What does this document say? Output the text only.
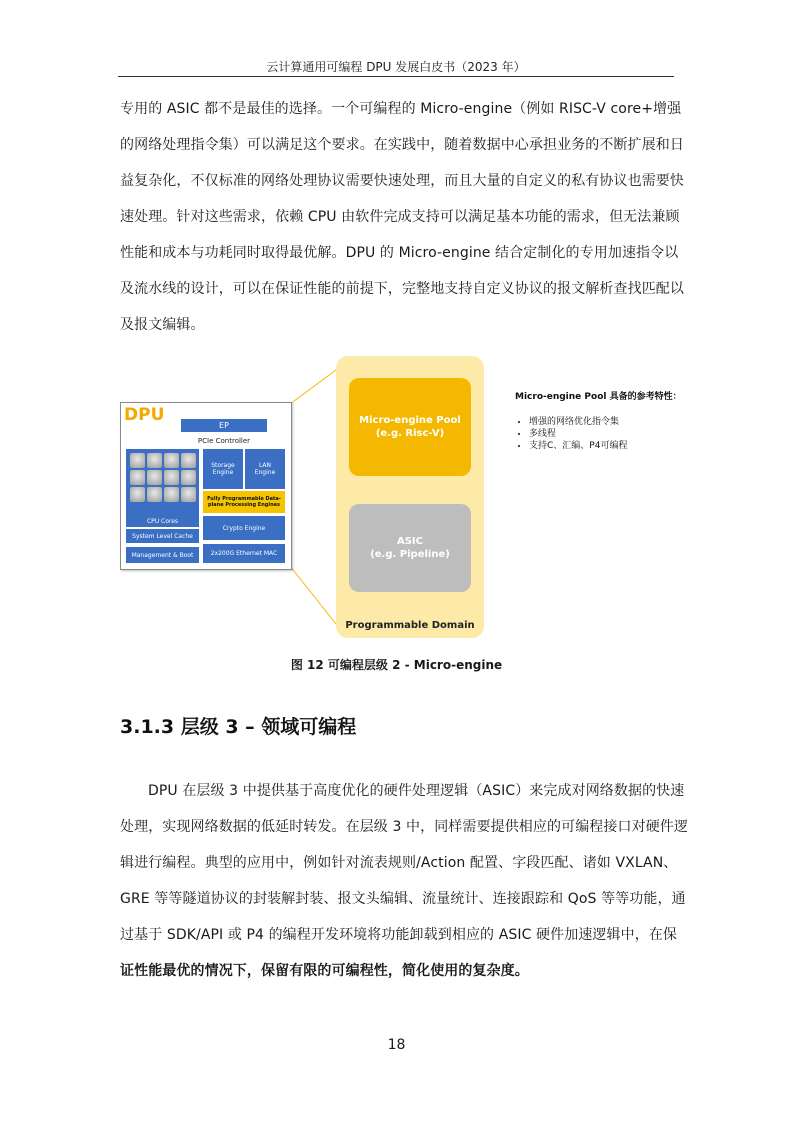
云计算通用可编程 DPU 发展白皮书（2023 年）
专用的 ASIC 都不是最佳的选择。一个可编程的 Micro-engine（例如 RISC-V core+增强
的网络处理指令集）可以满足这个要求。在实践中，随着数据中心承担业务的不断扩展和日
益复杂化，不仅标准的网络处理协议需要快速处理，而且大量的自定义的私有协议也需要快
速处理。针对这些需求，依赖 CPU 由软件完成支持可以满足基本功能的需求，但无法兼顾
性能和成本与功耗同时取得最优解。DPU 的 Micro-engine 结合定制化的专用加速指令以
及流水线的设计，可以在保证性能的前提下，完整地支持自定义协议的报文解析查找匹配以
及报文编辑。
DPU
EP
PCIe Controller
CPU Cores
System Level Cache
Management & Boot
Storage Engine
LAN Engine
Fully Programmable Data-plane Processing Engines
Crypto Engine
2x200G Ethernet MAC
Micro-engine Pool
(e.g. Risc-V)
ASIC
(e.g. Pipeline)
Programmable Domain
Micro-engine Pool 具备的参考特性：
• 增强的网络优化指令集
• 多线程
• 支持C、汇编、P4可编程
图 12 可编程层级 2 - Micro-engine
3.1.3 层级 3 – 领域可编程
DPU 在层级 3 中提供基于高度优化的硬件处理逻辑（ASIC）来完成对网络数据的快速
处理，实现网络数据的低延时转发。在层级 3 中，同样需要提供相应的可编程接口对硬件逻
辑进行编程。典型的应用中，例如针对流表规则/Action 配置、字段匹配、诸如 VXLAN、
GRE 等等隧道协议的封装解封装、报文头编辑、流量统计、连接跟踪和 QoS 等等功能，通
过基于 SDK/API 或 P4 的编程开发环境将功能卸载到相应的 ASIC 硬件加速逻辑中，在保
证性能最优的情况下，保留有限的可编程性，简化使用的复杂度。
18
